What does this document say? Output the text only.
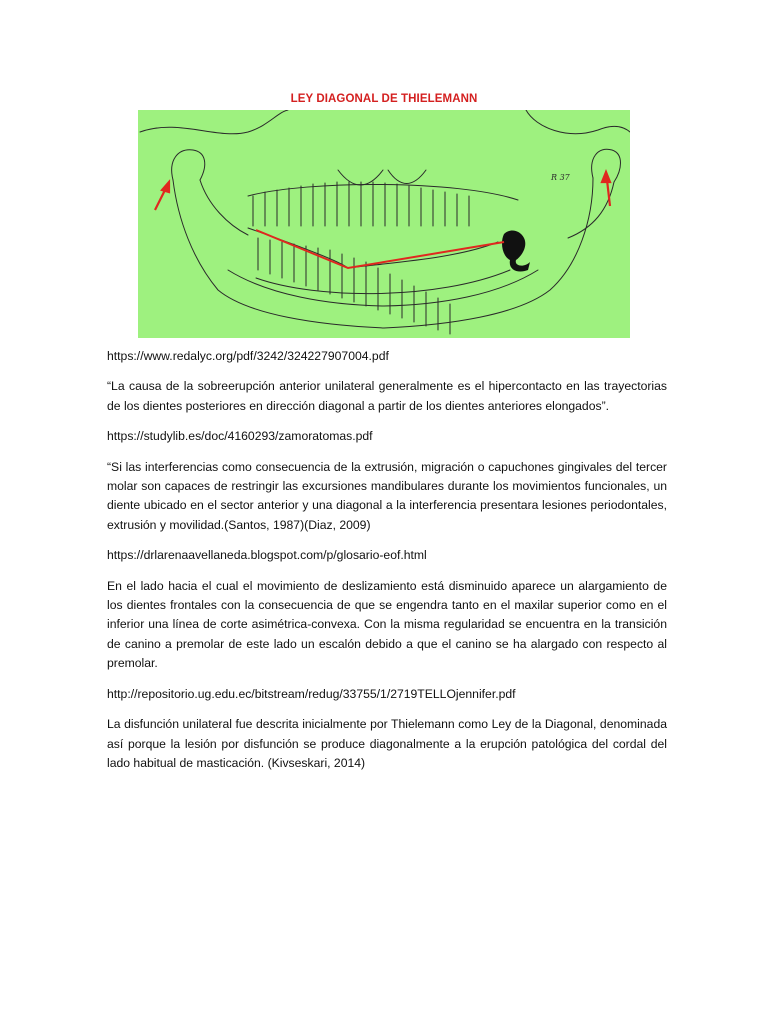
LEY DIAGONAL DE THIELEMANN
R 37

https://www.redalyc.org/pdf/3242/324227907004.pdf

“La causa de la sobreerupción anterior unilateral generalmente es el hipercontacto en las trayectorias de los dientes posteriores en dirección diagonal a partir de los dientes anteriores elongados”.

https://studylib.es/doc/4160293/zamoratomas.pdf

“Si las interferencias como consecuencia de la extrusión, migración o capuchones gingivales del tercer molar son capaces de restringir las excursiones mandibulares durante los movimientos funcionales, un diente ubicado en el sector anterior y una diagonal a la interferencia presentara lesiones periodontales, extrusión y movilidad.(Santos, 1987)(Diaz, 2009)

https://drlarenaavellaneda.blogspot.com/p/glosario-eof.html

En el lado hacia el cual el movimiento de deslizamiento está disminuido aparece un alargamiento de los dientes frontales con la consecuencia de que se engendra tanto en el maxilar superior como en el inferior una línea de corte asimétrica-convexa. Con la misma regularidad se encuentra en la transición de canino a premolar de este lado un escalón debido a que el canino se ha alargado con respecto al premolar.

http://repositorio.ug.edu.ec/bitstream/redug/33755/1/2719TELLOjennifer.pdf

La disfunción unilateral fue descrita inicialmente por Thielemann como Ley de la Diagonal, denominada así porque la lesión por disfunción se produce diagonalmente a la erupción patológica del cordal del lado habitual de masticación. (Kivseskari, 2014)
